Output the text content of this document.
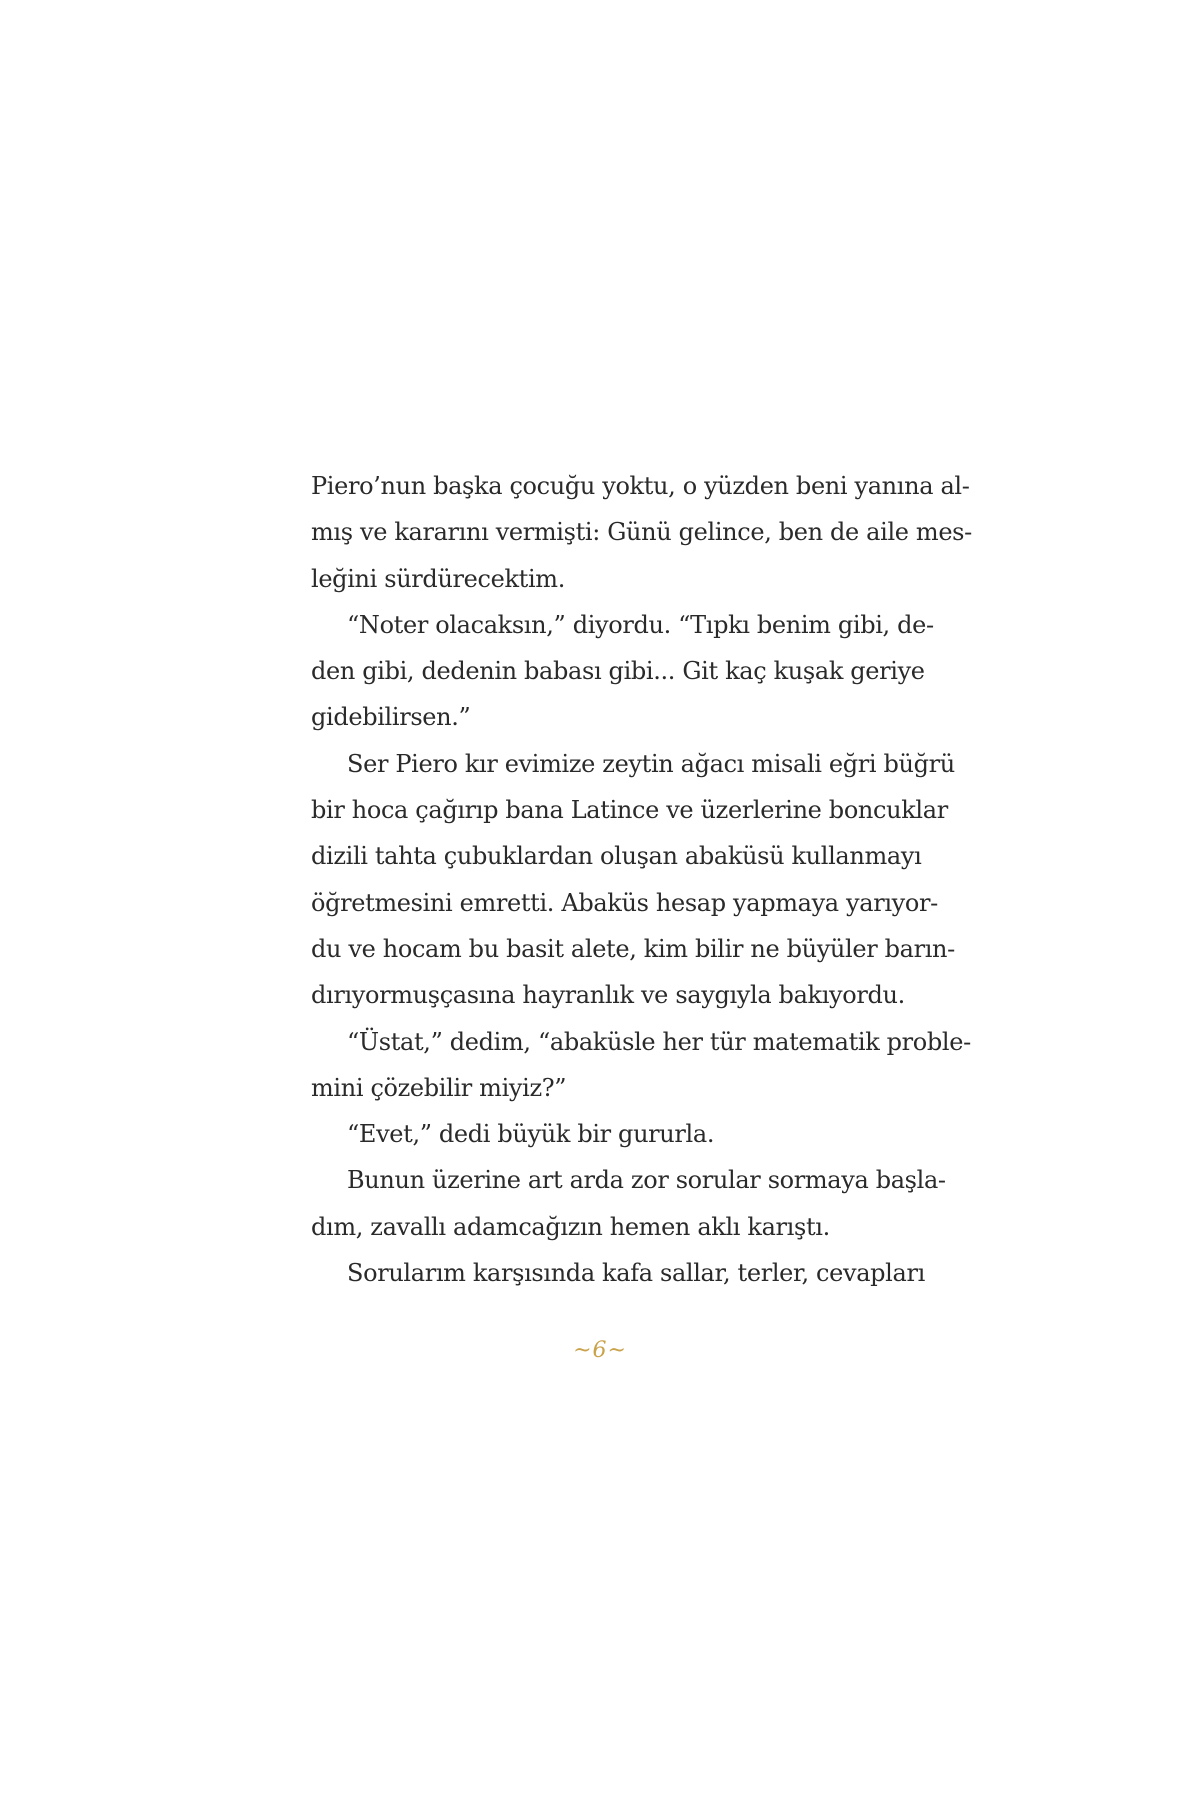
Piero’nun başka çocuğu yoktu, o yüzden beni yanına al-
mış ve kararını vermişti: Günü gelince, ben de aile mes-
leğini sürdürecektim.
“Noter olacaksın,” diyordu. “Tıpkı benim gibi, de-
den gibi, dedenin babası gibi... Git kaç kuşak geriye
gidebilirsen.”
Ser Piero kır evimize zeytin ağacı misali eğri büğrü
bir hoca çağırıp bana Latince ve üzerlerine boncuklar
dizili tahta çubuklardan oluşan abaküsü kullanmayı
öğretmesini emretti. Abaküs hesap yapmaya yarıyor-
du ve hocam bu basit alete, kim bilir ne büyüler barın-
dırıyormuşçasına hayranlık ve saygıyla bakıyordu.
“Üstat,” dedim, “abaküsle her tür matematik proble-
mini çözebilir miyiz?”
“Evet,” dedi büyük bir gururla.
Bunun üzerine art arda zor sorular sormaya başla-
dım, zavallı adamcağızın hemen aklı karıştı.
Sorularım karşısında kafa sallar, terler, cevapları
~6~
